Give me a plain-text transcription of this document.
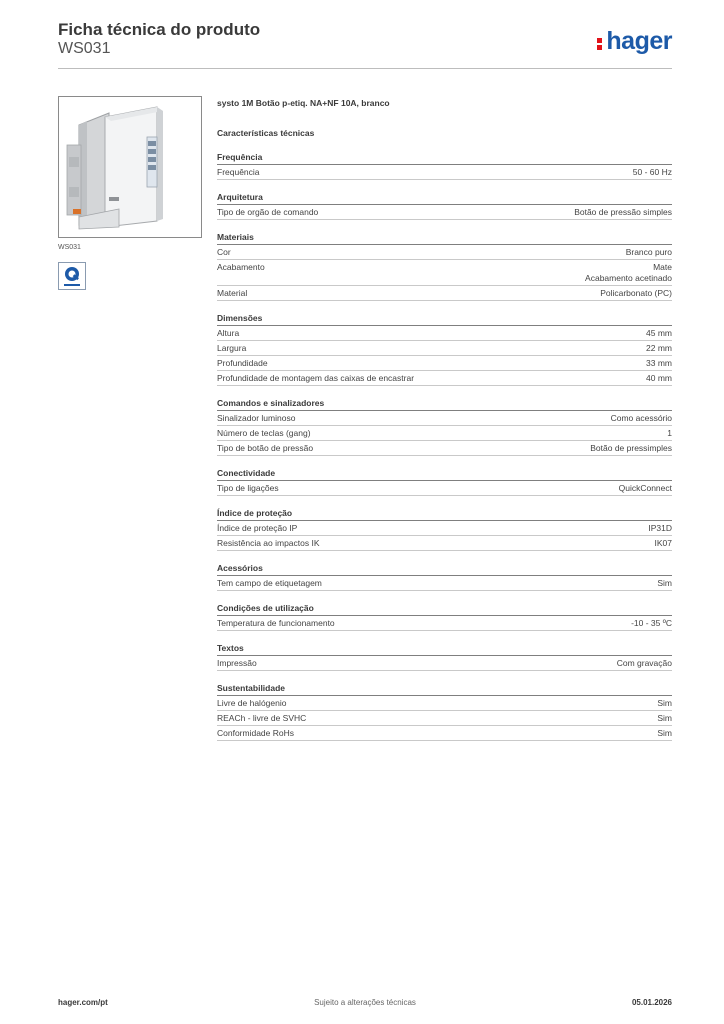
Ficha técnica do produto
WS031	hager
WS031
systo 1M Botão p-etiq. NA+NF 10A, branco
Características técnicas
Frequência
Frequência	50 - 60 Hz
Arquitetura
Tipo de orgão de comando	Botão de pressão simples
Materiais
Cor	Branco puro
Acabamento	Mate
Acabamento acetinado
Material	Policarbonato (PC)
Dimensões
Altura	45 mm
Largura	22 mm
Profundidade	33 mm
Profundidade de montagem das caixas de encastrar	40 mm
Comandos e sinalizadores
Sinalizador luminoso	Como acessório
Número de teclas (gang)	1
Tipo de botão de pressão	Botão de pressimples
Conectividade
Tipo de ligações	QuickConnect
Índice de proteção
Índice de proteção IP	IP31D
Resistência ao impactos IK	IK07
Acessórios
Tem campo de etiquetagem	Sim
Condições de utilização
Temperatura de funcionamento	-10 - 35 ºC
Textos
Impressão	Com gravação
Sustentabilidade
Livre de halógenio	Sim
REACh - livre de SVHC	Sim
Conformidade RoHs	Sim
hager.com/pt	Sujeito a alterações técnicas	05.01.2026
